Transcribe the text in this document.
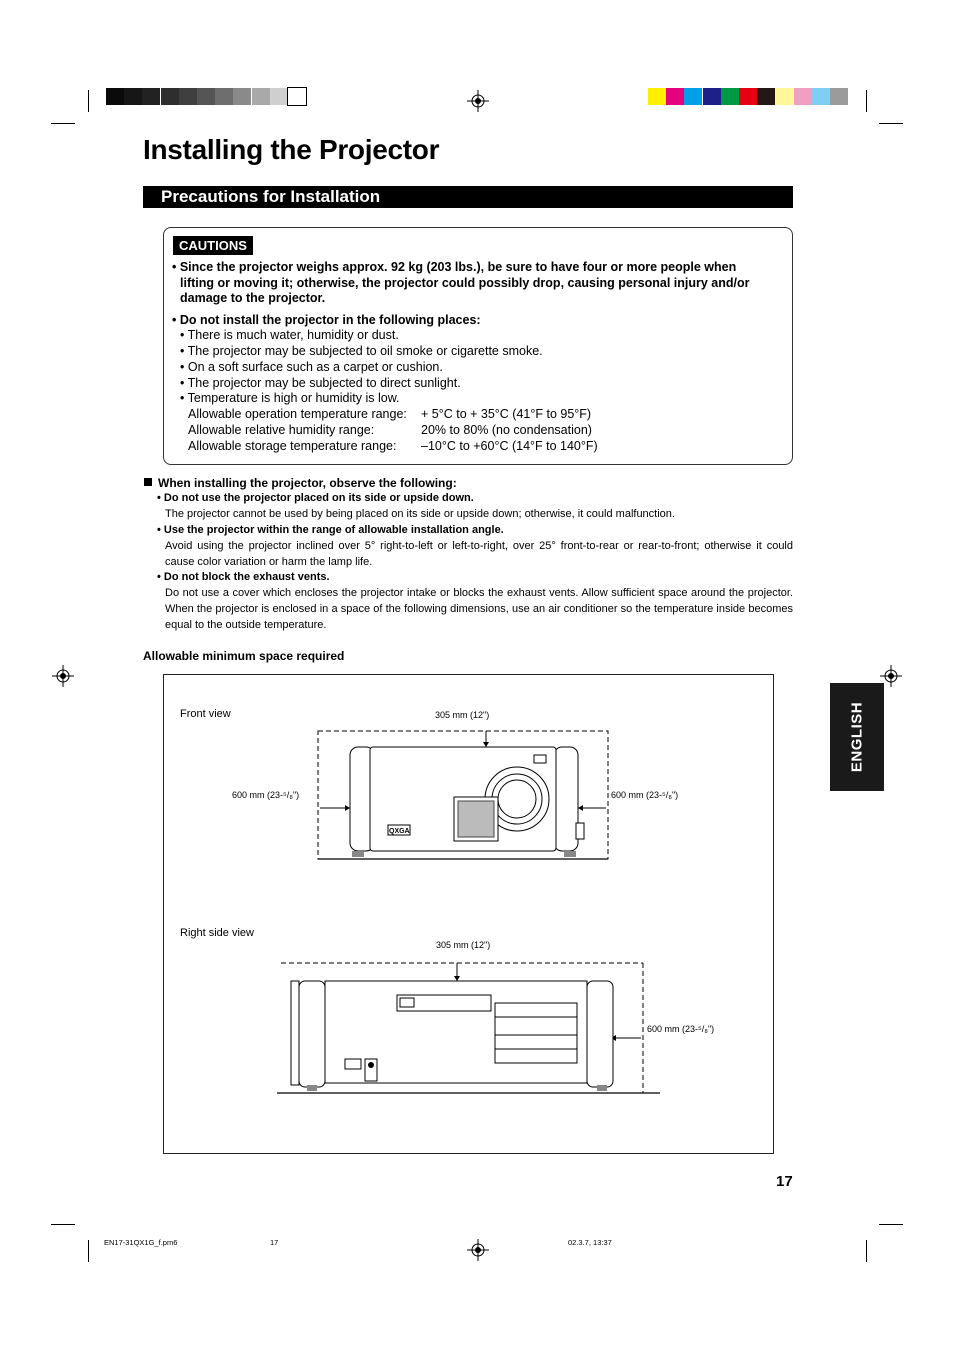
Installing the Projector
Precautions for Installation
CAUTIONS
• Since the projector weighs approx. 92 kg (203 lbs.), be sure to have four or more people when
lifting or moving it; otherwise, the projector could possibly drop, causing personal injury and/or
damage to the projector.
• Do not install the projector in the following places:
• There is much water, humidity or dust.
• The projector may be subjected to oil smoke or cigarette smoke.
• On a soft surface such as a carpet or cushion.
• The projector may be subjected to direct sunlight.
• Temperature is high or humidity is low.
Allowable operation temperature range: + 5°C to + 35°C (41°F to 95°F)
Allowable relative humidity range:	20% to 80% (no condensation)
Allowable storage temperature range: –10°C to +60°C (14°F to 140°F)
When installing the projector, observe the following:
• Do not use the projector placed on its side or upside down.
The projector cannot be used by being placed on its side or upside down; otherwise, it could malfunction.
• Use the projector within the range of allowable installation angle.
Avoid using the projector inclined over 5° right-to-left or left-to-right, over 25° front-to-rear or rear-to-front; otherwise it could cause color variation or harm the lamp life.
• Do not block the exhaust vents.
Do not use a cover which encloses the projector intake or blocks the exhaust vents. Allow sufficient space around the projector. When the projector is enclosed in a space of the following dimensions, use an air conditioner so the temperature inside becomes equal to the outside temperature.
Allowable minimum space required
Front view
Right side view
305 mm (12")
600 mm (23-⁵/₈")	600 mm (23-⁵/₈")
305 mm (12")
600 mm (23-⁵/₈")
QXGA
ENGLISH
17
EN17-31QX1G_f.pm6	17	02.3.7, 13:37
